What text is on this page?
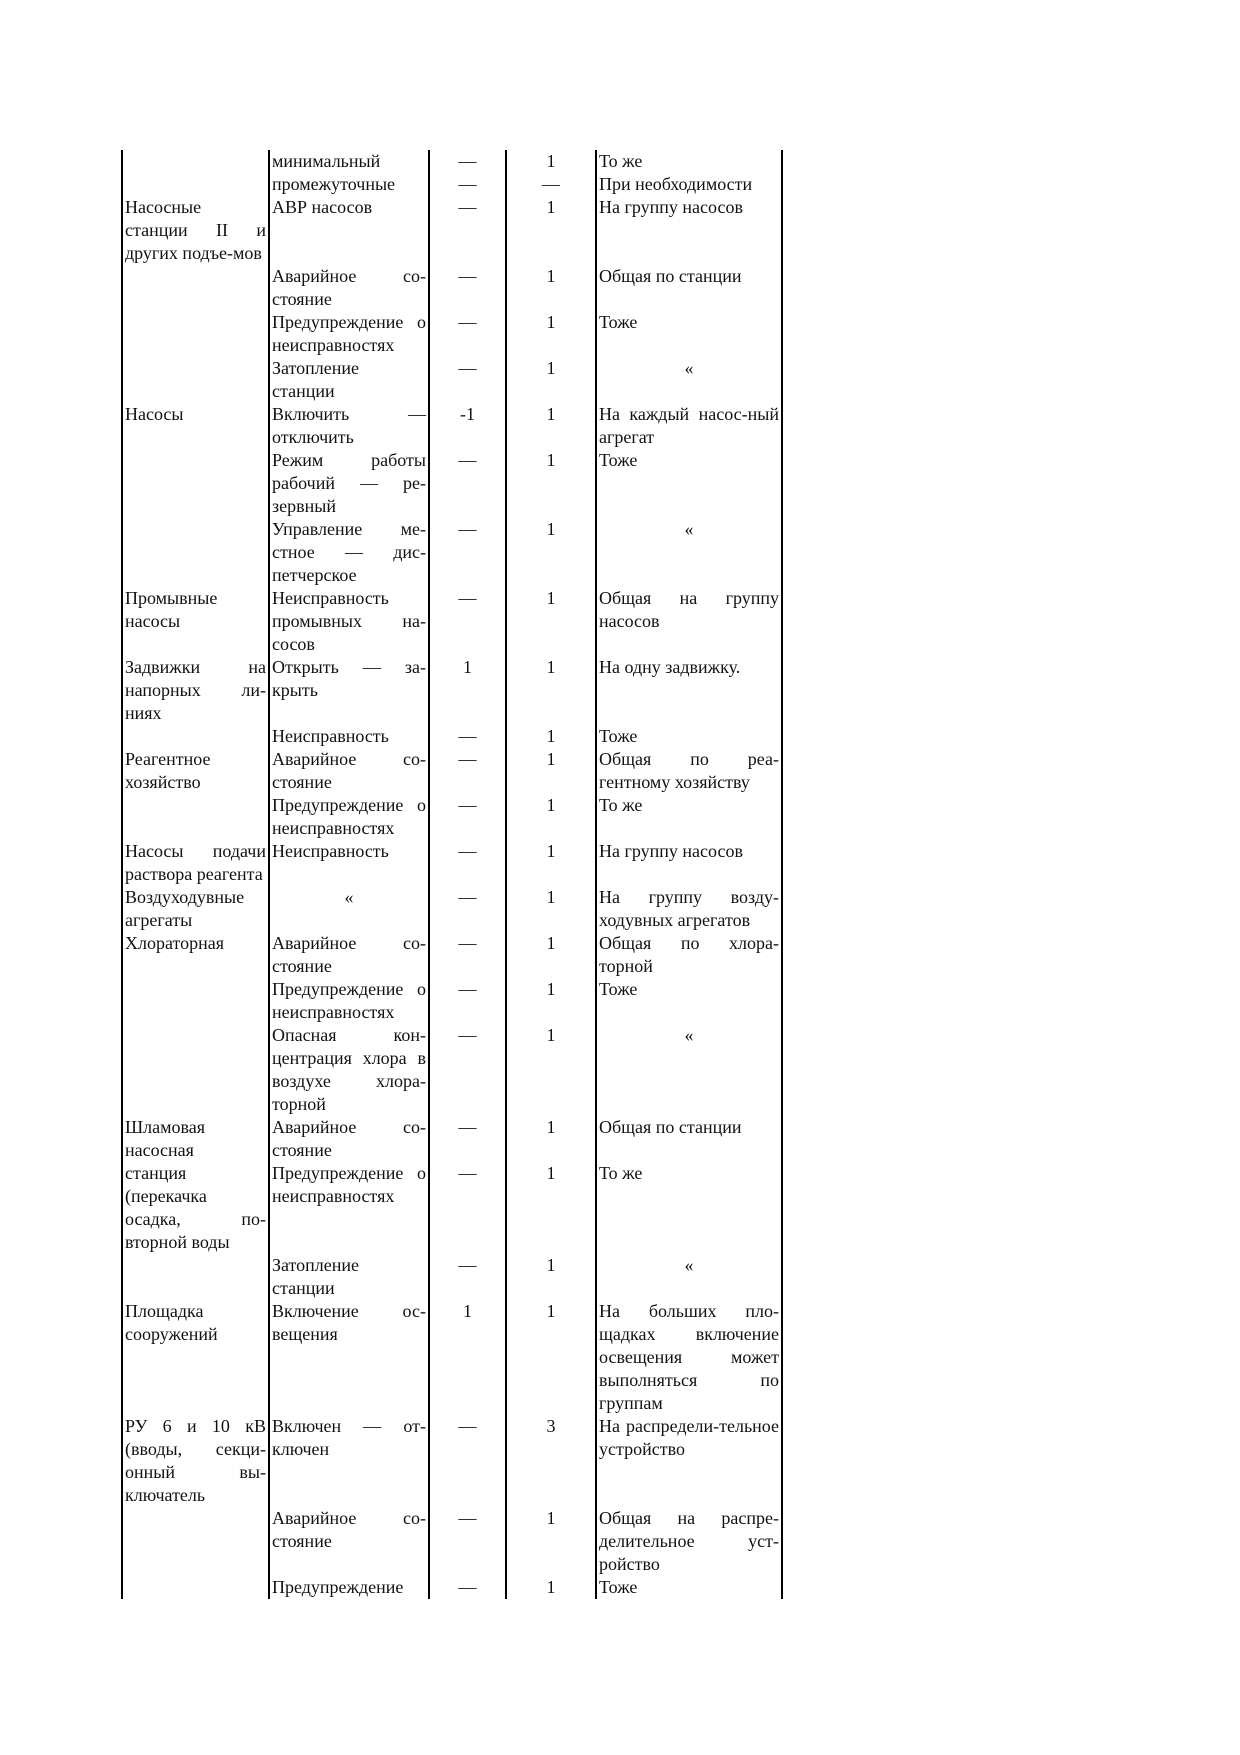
	минимальный	—	1	То же
	промежуточные	—	—	При необходимости
Насосные станции II и других подъе-мов	АВР насосов	—	1	На группу насосов
	Аварийное со-стояние	—	1	Общая по станции
	Предупреждение о неисправностях	—	1	Тоже
	Затопление станции	—	1	«
Насосы	Включить — отключить	-1	1	На каждый насос-ный агрегат
	Режим работы рабочий — ре-зервный	—	1	Тоже
	Управление ме-стное — дис-петчерское	—	1	«
Промывные насосы	Неисправность промывных на-сосов	—	1	Общая на группу насосов
Задвижки на напорных ли-ниях	Открыть — за-крыть	1	1	На одну задвижку.
	Неисправность	—	1	Тоже
Реагентное хозяйство	Аварийное со-стояние	—	1	Общая по реа-гентному хозяйству
	Предупреждение о неисправностях	—	1	То же
Насосы подачи раствора реагента	Неисправность	—	1	На группу насосов
Воздуходувные агрегаты	«	—	1	На группу возду-ходувных агрегатов
Хлораторная	Аварийное со-стояние	—	1	Общая по хлора-торной
	Предупреждение о неисправностях	—	1	Тоже
	Опасная кон-центрация хлора в воздухе хлора-торной	—	1	«
Шламовая насосная	Аварийное со-стояние	—	1	Общая по станции
станция (перекачка осадка, по-вторной воды	Предупреждение о неисправностях	—	1	То же
	Затопление станции	—	1	«
Площадка сооружений	Включение ос-вещения	1	1	На больших пло-щадках включение освещения может выполняться по группам
РУ 6 и 10 кВ (вводы, секци-онный вы-ключатель	Включен — от-ключен	—	3	На распредели-тельное устройство
	Аварийное со-стояние	—	1	Общая на распре-делительное уст-ройство
	Предупреждение	—	1	Тоже
